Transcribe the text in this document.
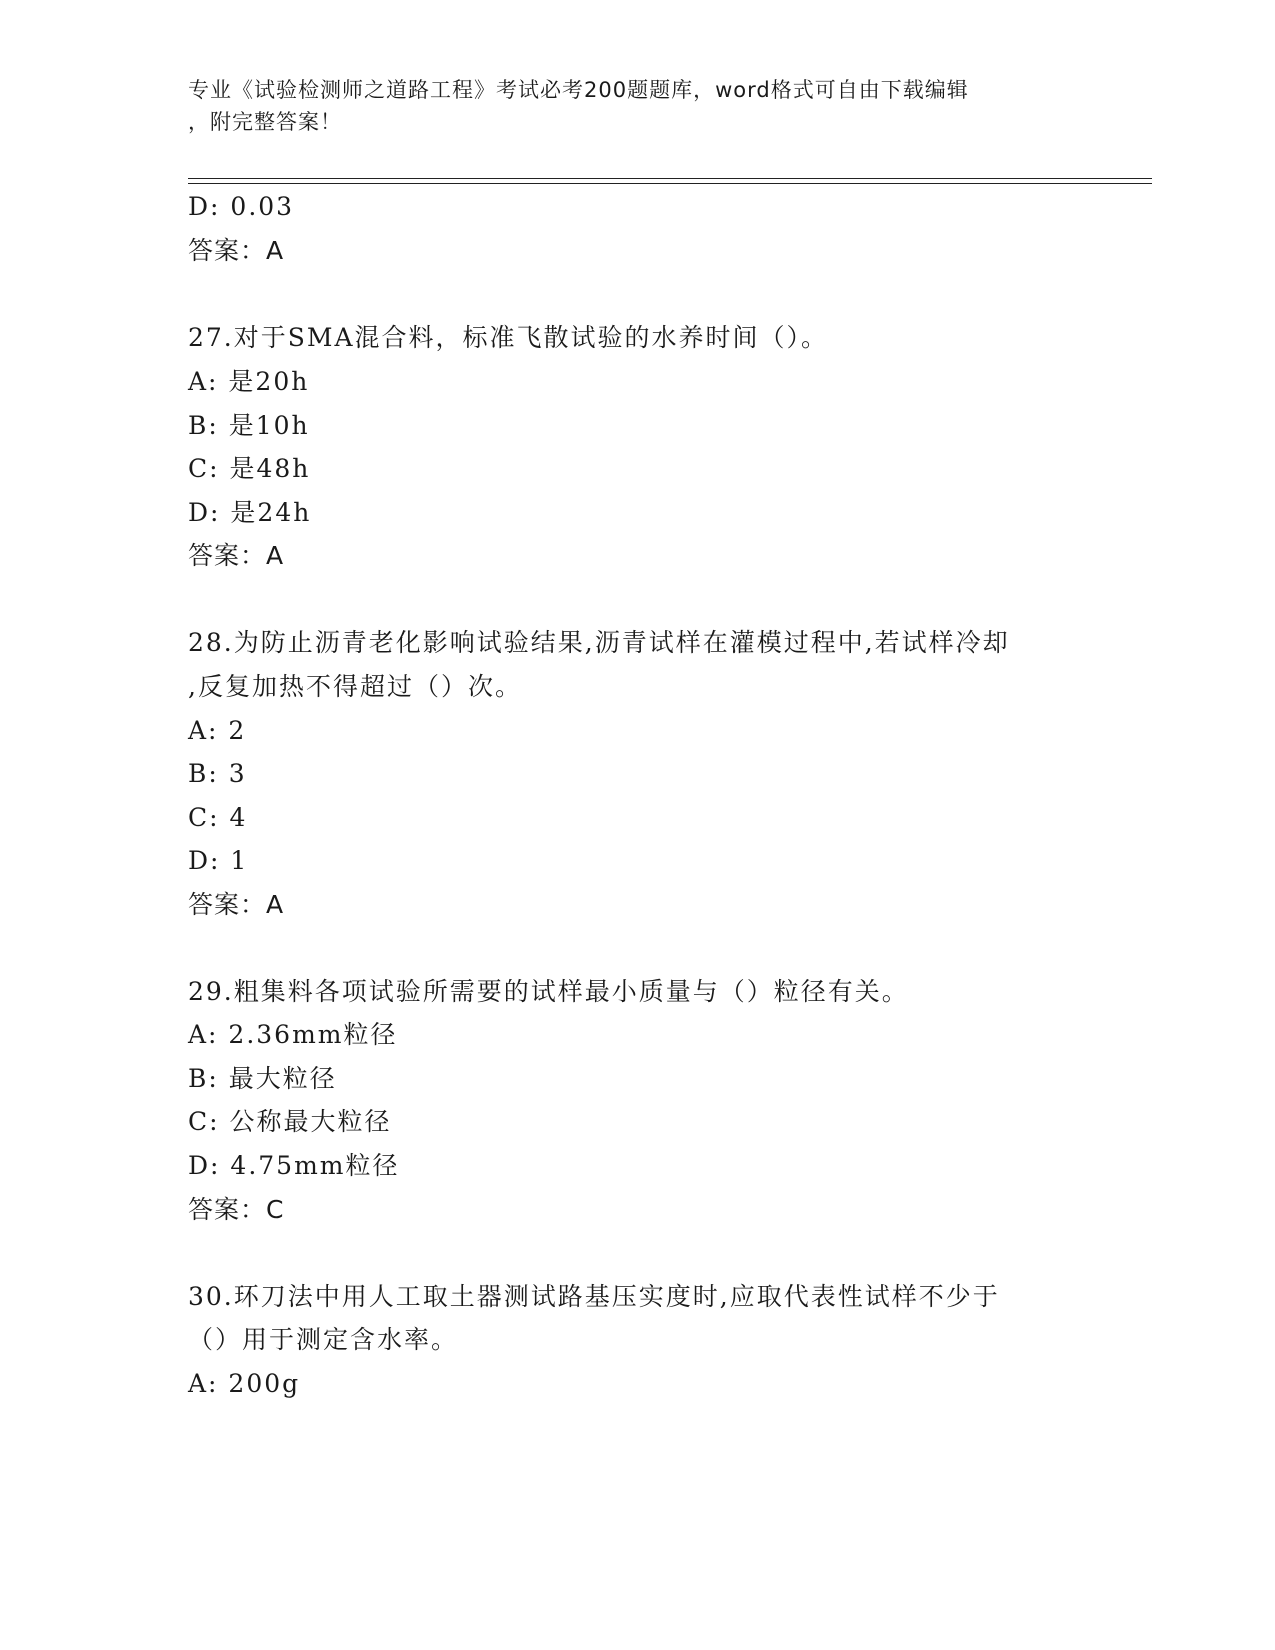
专业《试验检测师之道路工程》考试必考200题题库，word格式可自由下载编辑
，附完整答案！
D: 0.03
答案：A
27.对于SMA混合料，标准飞散试验的水养时间（）。
A: 是20h
B: 是10h
C: 是48h
D: 是24h
答案：A
28.为防止沥青老化影响试验结果,沥青试样在灌模过程中,若试样冷却
,反复加热不得超过（）次。
A: 2
B: 3
C: 4
D: 1
答案：A
29.粗集料各项试验所需要的试样最小质量与（）粒径有关。
A: 2.36mm粒径
B: 最大粒径
C: 公称最大粒径
D: 4.75mm粒径
答案：C
30.环刀法中用人工取土器测试路基压实度时,应取代表性试样不少于
（）用于测定含水率。
A: 200g
